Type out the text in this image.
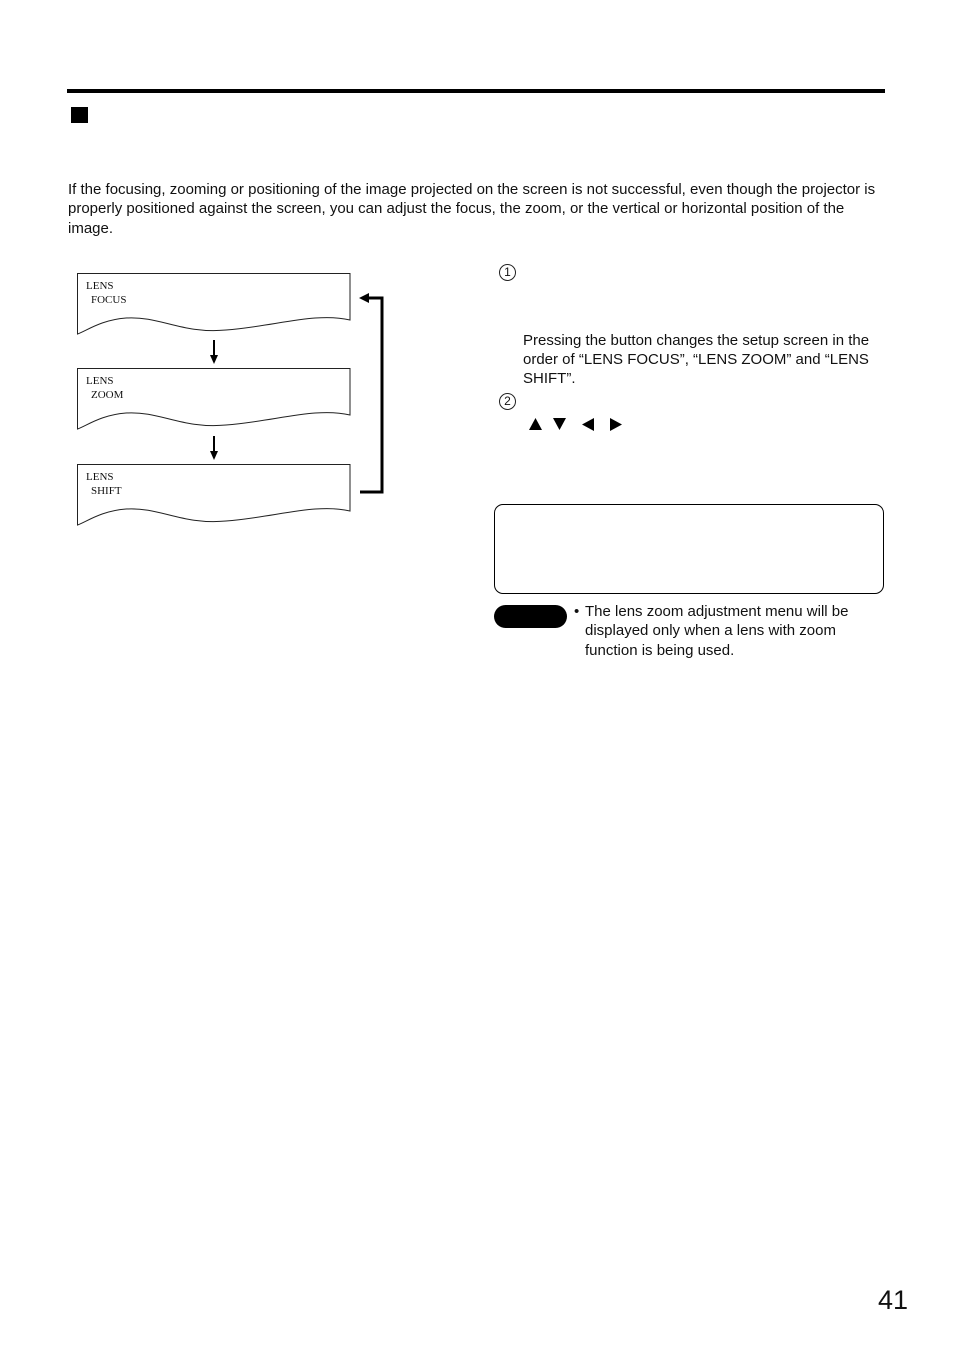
If the focusing, zooming or positioning of the image projected on the screen is not successful, even though the projector is properly positioned against the screen, you can adjust the focus, the zoom, or the vertical or horizontal position of the image.

LENS
FOCUS
LENS
ZOOM
LENS
SHIFT
1

Pressing the button changes the setup screen in the order of “LENS FOCUS”, “LENS ZOOM” and “LENS SHIFT”.

2
• The lens zoom adjustment menu will be displayed only when a lens with zoom function is being used.

41
